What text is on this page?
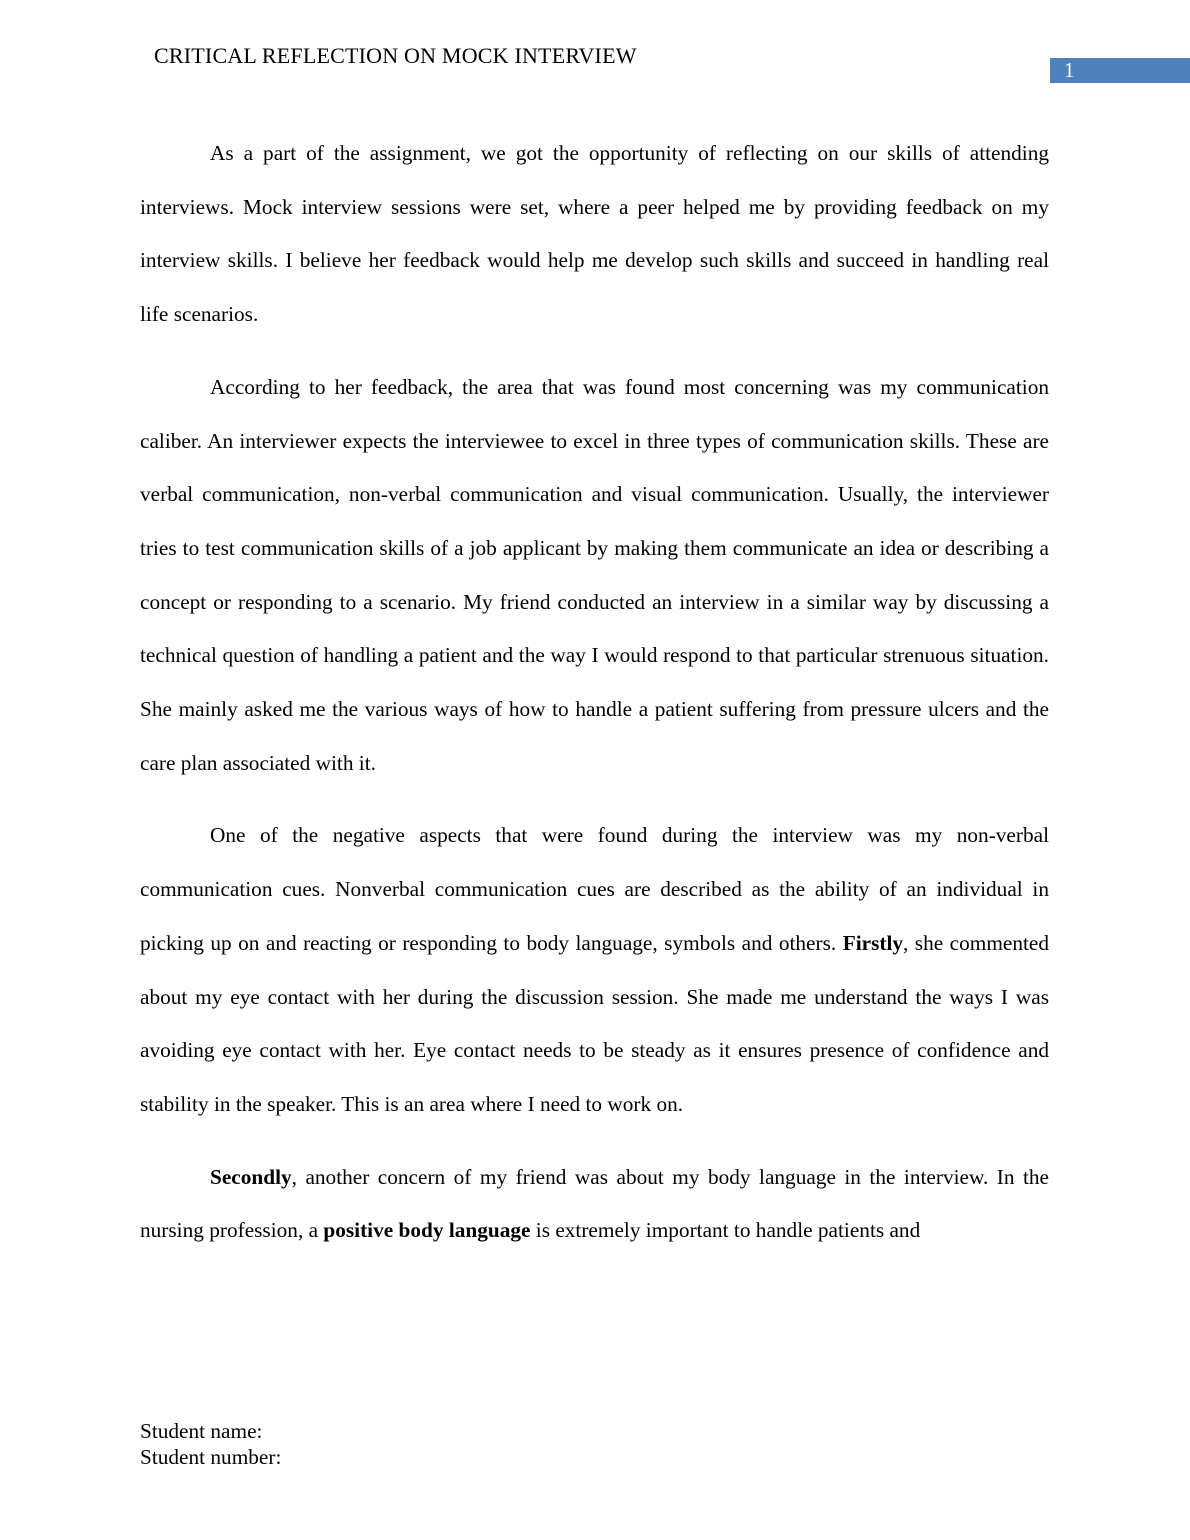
CRITICAL REFLECTION ON MOCK INTERVIEW
1

As a part of the assignment, we got the opportunity of reflecting on our skills of attending interviews. Mock interview sessions were set, where a peer helped me by providing feedback on my interview skills. I believe her feedback would help me develop such skills and succeed in handling real life scenarios.

According to her feedback, the area that was found most concerning was my communication caliber. An interviewer expects the interviewee to excel in three types of communication skills. These are verbal communication, non-verbal communication and visual communication. Usually, the interviewer tries to test communication skills of a job applicant by making them communicate an idea or describing a concept or responding to a scenario. My friend conducted an interview in a similar way by discussing a technical question of handling a patient and the way I would respond to that particular strenuous situation. She mainly asked me the various ways of how to handle a patient suffering from pressure ulcers and the care plan associated with it.

One of the negative aspects that were found during the interview was my non-verbal communication cues. Nonverbal communication cues are described as the ability of an individual in picking up on and reacting or responding to body language, symbols and others. Firstly, she commented about my eye contact with her during the discussion session. She made me understand the ways I was avoiding eye contact with her. Eye contact needs to be steady as it ensures presence of confidence and stability in the speaker. This is an area where I need to work on.

Secondly, another concern of my friend was about my body language in the interview. In the nursing profession, a positive body language is extremely important to handle patients and

Student name:
Student number:
